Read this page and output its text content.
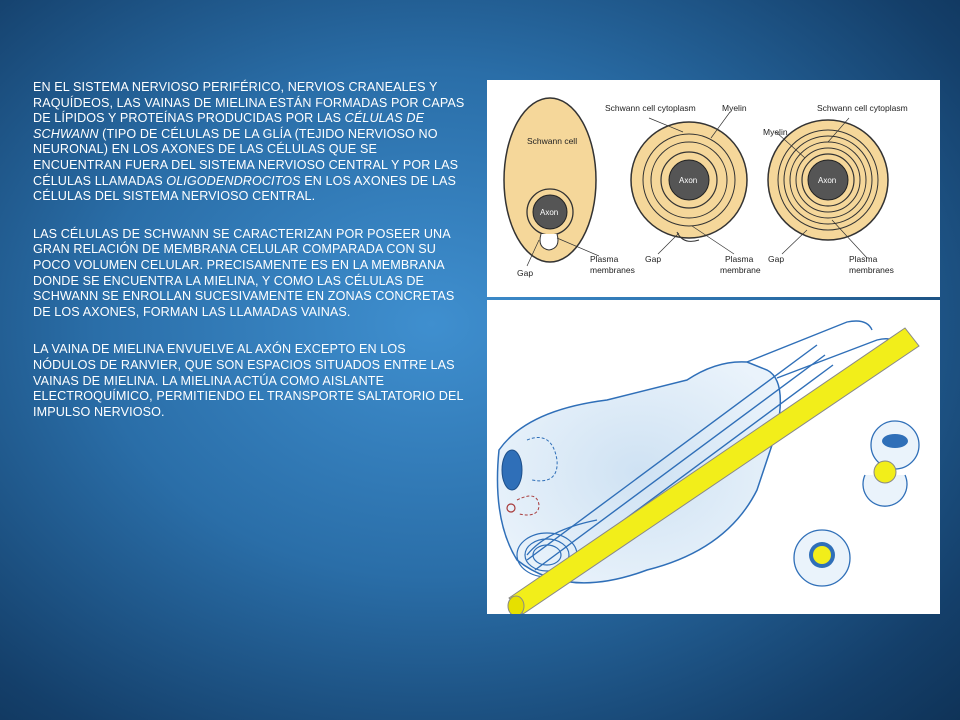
EN EL SISTEMA NERVIOSO PERIFÉRICO, NERVIOS CRANEALES Y RAQUÍDEOS, LAS VAINAS DE MIELINA ESTÁN FORMADAS POR CAPAS DE LÍPIDOS Y PROTEÍNAS PRODUCIDAS POR LAS CÉLULAS DE SCHWANN (TIPO DE CÉLULAS DE LA GLÍA (TEJIDO NERVIOSO NO NEURONAL) EN LOS AXONES DE LAS CÉLULAS QUE SE ENCUENTRAN FUERA DEL SISTEMA NERVIOSO CENTRAL Y POR LAS CÉLULAS LLAMADAS OLIGODENDROCITOS EN LOS AXONES DE LAS CÉLULAS DEL SISTEMA NERVIOSO CENTRAL.

LAS CÉLULAS DE SCHWANN SE CARACTERIZAN POR POSEER UNA GRAN RELACIÓN DE MEMBRANA CELULAR COMPARADA CON SU POCO VOLUMEN CELULAR. PRECISAMENTE ES EN LA MEMBRANA DONDE SE ENCUENTRA LA MIELINA, Y COMO LAS CÉLULAS DE SCHWANN SE ENROLLAN SUCESIVAMENTE EN ZONAS CONCRETAS DE LOS AXONES, FORMAN LAS LLAMADAS VAINAS.

LA VAINA DE MIELINA ENVUELVE AL AXÓN EXCEPTO EN LOS NÓDULOS DE RANVIER, QUE SON ESPACIOS SITUADOS ENTRE LAS VAINAS DE MIELINA. LA MIELINA ACTÚA COMO AISLANTE ELECTROQUÍMICO, PERMITIENDO EL TRANSPORTE SALTATORIO DEL IMPULSO NERVIOSO.

Schwann cell
Axon
Axon	Axon
Gap
Plasma
membranes
Schwann cell cytoplasm	Myelin
Gap	Plasma
membrane
Schwann cell cytoplasm
Myelin
Gap	Plasma
membranes
